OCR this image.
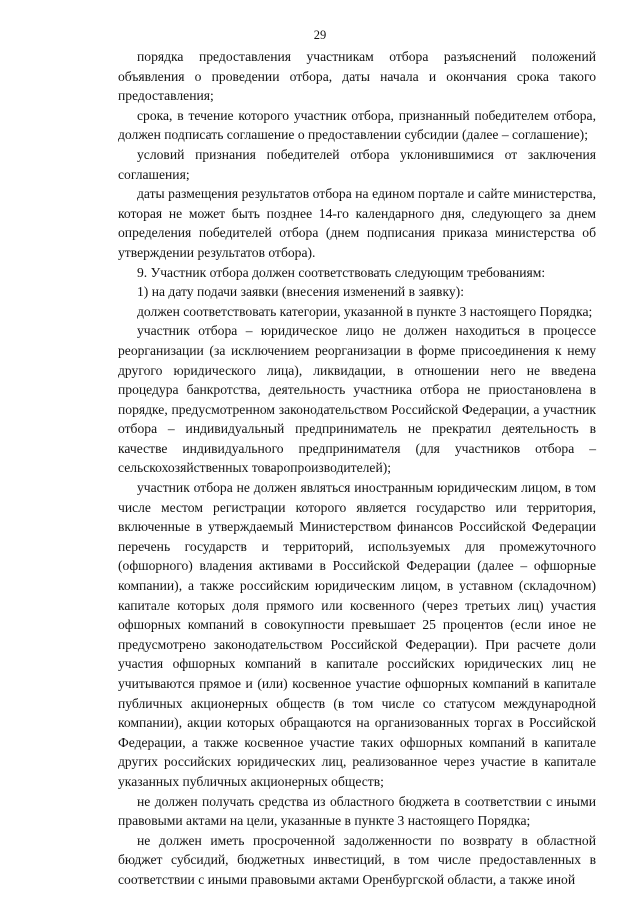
29

порядка предоставления участникам отбора разъяснений положений объявления о проведении отбора, даты начала и окончания срока такого предоставления;

срока, в течение которого участник отбора, признанный победителем отбора, должен подписать соглашение о предоставлении субсидии (далее – соглашение);

условий признания победителей отбора уклонившимися от заключения соглашения;

даты размещения результатов отбора на едином портале и сайте министерства, которая не может быть позднее 14-го календарного дня, следующего за днем определения победителей отбора (днем подписания приказа министерства об утверждении результатов отбора).

9. Участник отбора должен соответствовать следующим требованиям:

1) на дату подачи заявки (внесения изменений в заявку):

должен соответствовать категории, указанной в пункте 3 настоящего Порядка;

участник отбора – юридическое лицо не должен находиться в процессе реорганизации (за исключением реорганизации в форме присоединения к нему другого юридического лица), ликвидации, в отношении него не введена процедура банкротства, деятельность участника отбора не приостановлена в порядке, предусмотренном законодательством Российской Федерации, а участник отбора – индивидуальный предприниматель не прекратил деятельность в качестве индивидуального предпринимателя (для участников отбора – сельскохозяйственных товаропроизводителей);

участник отбора не должен являться иностранным юридическим лицом, в том числе местом регистрации которого является государство или территория, включенные в утверждаемый Министерством финансов Российской Федерации перечень государств и территорий, используемых для промежуточного (офшорного) владения активами в Российской Федерации (далее – офшорные компании), а также российским юридическим лицом, в уставном (складочном) капитале которых доля прямого или косвенного (через третьих лиц) участия офшорных компаний в совокупности превышает 25 процентов (если иное не предусмотрено законодательством Российской Федерации). При расчете доли участия офшорных компаний в капитале российских юридических лиц не учитываются прямое и (или) косвенное участие офшорных компаний в капитале публичных акционерных обществ (в том числе со статусом международной компании), акции которых обращаются на организованных торгах в Российской Федерации, а также косвенное участие таких офшорных компаний в капитале других российских юридических лиц, реализованное через участие в капитале указанных публичных акционерных обществ;

не должен получать средства из областного бюджета в соответствии с иными правовыми актами на цели, указанные в пункте 3 настоящего Порядка;

не должен иметь просроченной задолженности по возврату в областной бюджет субсидий, бюджетных инвестиций, в том числе предоставленных в соответствии с иными правовыми актами Оренбургской области, а также иной
